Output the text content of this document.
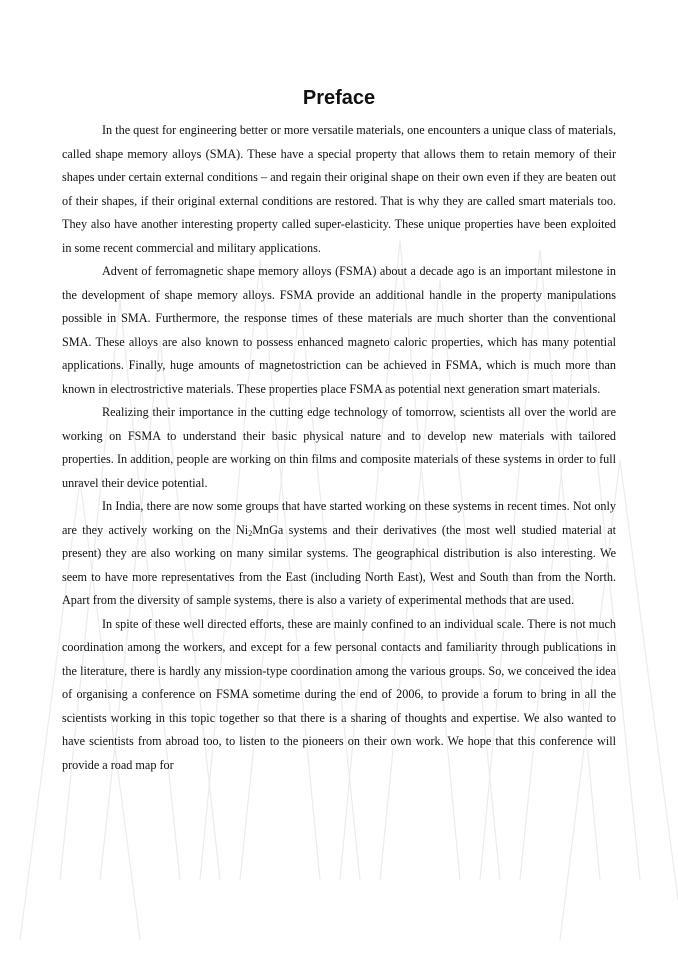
Preface

In the quest for engineering better or more versatile materials, one encounters a unique class of materials, called shape memory alloys (SMA). These have a special property that allows them to retain memory of their shapes under certain external conditions – and regain their original shape on their own even if they are beaten out of their shapes, if their original external conditions are restored. That is why they are called smart materials too. They also have another interesting property called super-elasticity. These unique properties have been exploited in some recent commercial and military applications.

Advent of ferromagnetic shape memory alloys (FSMA) about a decade ago is an important milestone in the development of shape memory alloys. FSMA provide an additional handle in the property manipulations possible in SMA. Furthermore, the response times of these materials are much shorter than the conventional SMA. These alloys are also known to possess enhanced magneto caloric properties, which has many potential applications. Finally, huge amounts of magnetostriction can be achieved in FSMA, which is much more than known in electrostrictive materials. These properties place FSMA as potential next generation smart materials.

Realizing their importance in the cutting edge technology of tomorrow, scientists all over the world are working on FSMA to understand their basic physical nature and to develop new materials with tailored properties. In addition, people are working on thin films and composite materials of these systems in order to full unravel their device potential.

In India, there are now some groups that have started working on these systems in recent times. Not only are they actively working on the $Ni_2MnGa$ systems and their derivatives (the most well studied material at present) they are also working on many similar systems. The geographical distribution is also interesting. We seem to have more representatives from the East (including North East), West and South than from the North. Apart from the diversity of sample systems, there is also a variety of experimental methods that are used.

In spite of these well directed efforts, these are mainly confined to an individual scale. There is not much coordination among the workers, and except for a few personal contacts and familiarity through publications in the literature, there is hardly any mission-type coordination among the various groups. So, we conceived the idea of organising a conference on FSMA sometime during the end of 2006, to provide a forum to bring in all the scientists working in this topic together so that there is a sharing of thoughts and expertise. We also wanted to have scientists from abroad too, to listen to the pioneers on their own work. We hope that this conference will provide a road map for
